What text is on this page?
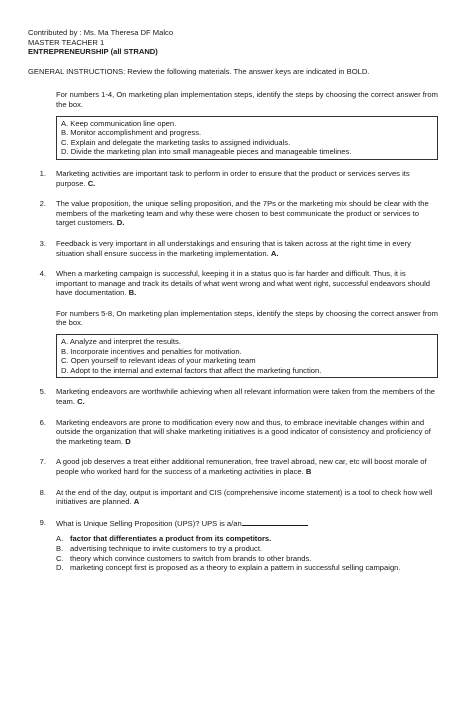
Contributed by : Ms. Ma Theresa DF Malco
MASTER TEACHER 1
ENTREPRENEURSHIP (all STRAND)
GENERAL INSTRUCTIONS: Review the following materials. The answer keys are indicated in BOLD.
For numbers 1-4, On marketing plan implementation steps, identify the steps by choosing the correct answer from the box.
A. Keep communication line open.
B. Monitor accomplishment and progress.
C. Explain and delegate the marketing tasks to assigned individuals.
D. Divide the marketing plan into small manageable pieces and manageable timelines.
1. Marketing activities are important task to perform in order to ensure that the product or services serves its purpose. C.
2. The value proposition, the unique selling proposition, and the 7Ps or the marketing mix should be clear with the members of the marketing team and why these were chosen to best communicate the product or services to target customers. D.
3. Feedback is very important in all understakings and ensuring that is taken across at the right time in every situation shall ensure success in the marketing implementation. A.
4. When a marketing campaign is successful, keeping it in a status quo is far harder and difficult. Thus, it is important to manage and track its details of what went wrong and what went right, successful endeavors should have documentation. B.
For numbers 5-8, On marketing plan implementation steps, identify the steps by choosing the correct answer from the box.
A. Analyze and interpret the results.
B. Incorporate incentives and penalties for motivation.
C. Open yourself to relevant ideas of your marketing team
D. Adopt to the internal and external factors that affect the marketing function.
5. Marketing endeavors are worthwhile achieving when all relevant information were taken from the members of the team. C.
6. Marketing endeavors are prone to modification every now and thus, to embrace inevitable changes within and outside the organization that will shake marketing initiatives is a good indicator of consistency and proficiency of the marketing team. D
7. A good job deserves a treat either additional remuneration, free travel abroad, new car, etc will boost morale of people who worked hard for the success of a marketing activities in place. B
8. At the end of the day, output is important and CIS (comprehensive income statement) is a tool to check how well initiatives are planned. A
9. What is Unique Selling Proposition (UPS)? UPS is a/an
A. factor that differentiates a product from its competitors.
B. advertising technique to invite customers to try a product.
C. theory which convince customers to switch from brands to other brands.
D. marketing concept first is proposed as a theory to explain a pattern in successful selling campaign.
